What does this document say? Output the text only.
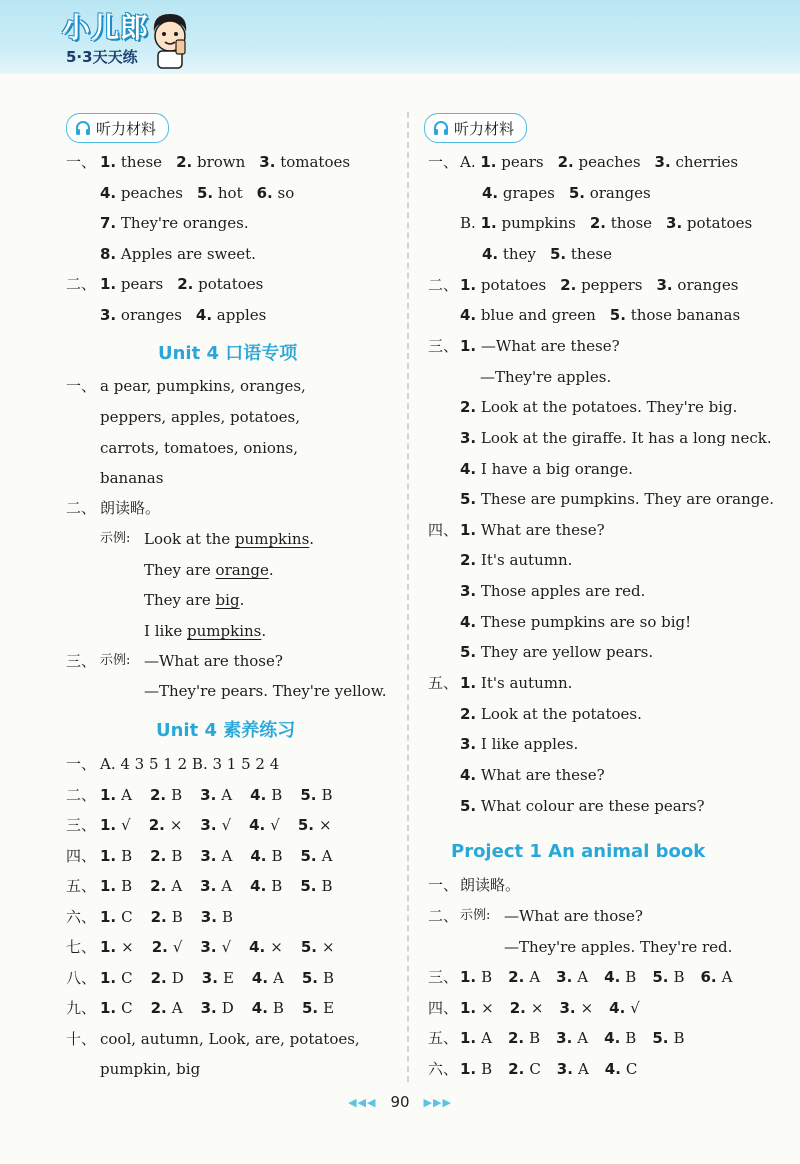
小儿郎
5·3天天练
听力材料
一、 1. these 2. brown 3. tomatoes
4. peaches 5. hot 6. so
7. They're oranges.
8. Apples are sweet.
二、 1. pears 2. potatoes
3. oranges 4. apples
Unit 4 口语专项
一、 a pear, pumpkins, oranges,
peppers, apples, potatoes,
carrots, tomatoes, onions,
bananas
二、 朗读略。
示例: Look at the pumpkins.
They are orange.
They are big.
I like pumpkins.
三、 示例: —What are those?
—They're pears. They're yellow.
Unit 4 素养练习
一、 A. 4 3 5 1 2 B. 3 1 5 2 4
二、 1. A 2. B 3. A 4. B 5. B
三、 1. √ 2. × 3. √ 4. √ 5. ×
四、 1. B 2. B 3. A 4. B 5. A
五、 1. B 2. A 3. A 4. B 5. B
六、 1. C 2. B 3. B
七、 1. × 2. √ 3. √ 4. × 5. ×
八、 1. C 2. D 3. E 4. A 5. B
九、 1. C 2. A 3. D 4. B 5. E
十、 cool, autumn, Look, are, potatoes,
pumpkin, big
听力材料
一、 A. 1. pears 2. peaches 3. cherries
4. grapes 5. oranges
B. 1. pumpkins 2. those 3. potatoes
4. they 5. these
二、 1. potatoes 2. peppers 3. oranges
4. blue and green 5. those bananas
三、 1. —What are these?
—They're apples.
2. Look at the potatoes. They're big.
3. Look at the giraffe. It has a long neck.
4. I have a big orange.
5. These are pumpkins. They are orange.
四、 1. What are these?
2. It's autumn.
3. Those apples are red.
4. These pumpkins are so big!
5. They are yellow pears.
五、 1. It's autumn.
2. Look at the potatoes.
3. I like apples.
4. What are these?
5. What colour are these pears?
Project 1 An animal book
一、 朗读略。
二、 示例: —What are those?
—They're apples. They're red.
三、 1. B 2. A 3. A 4. B 5. B 6. A
四、 1. × 2. × 3. × 4. √
五、 1. A 2. B 3. A 4. B 5. B
六、 1. B 2. C 3. A 4. C
◀◀◀ 90 ▶▶▶
